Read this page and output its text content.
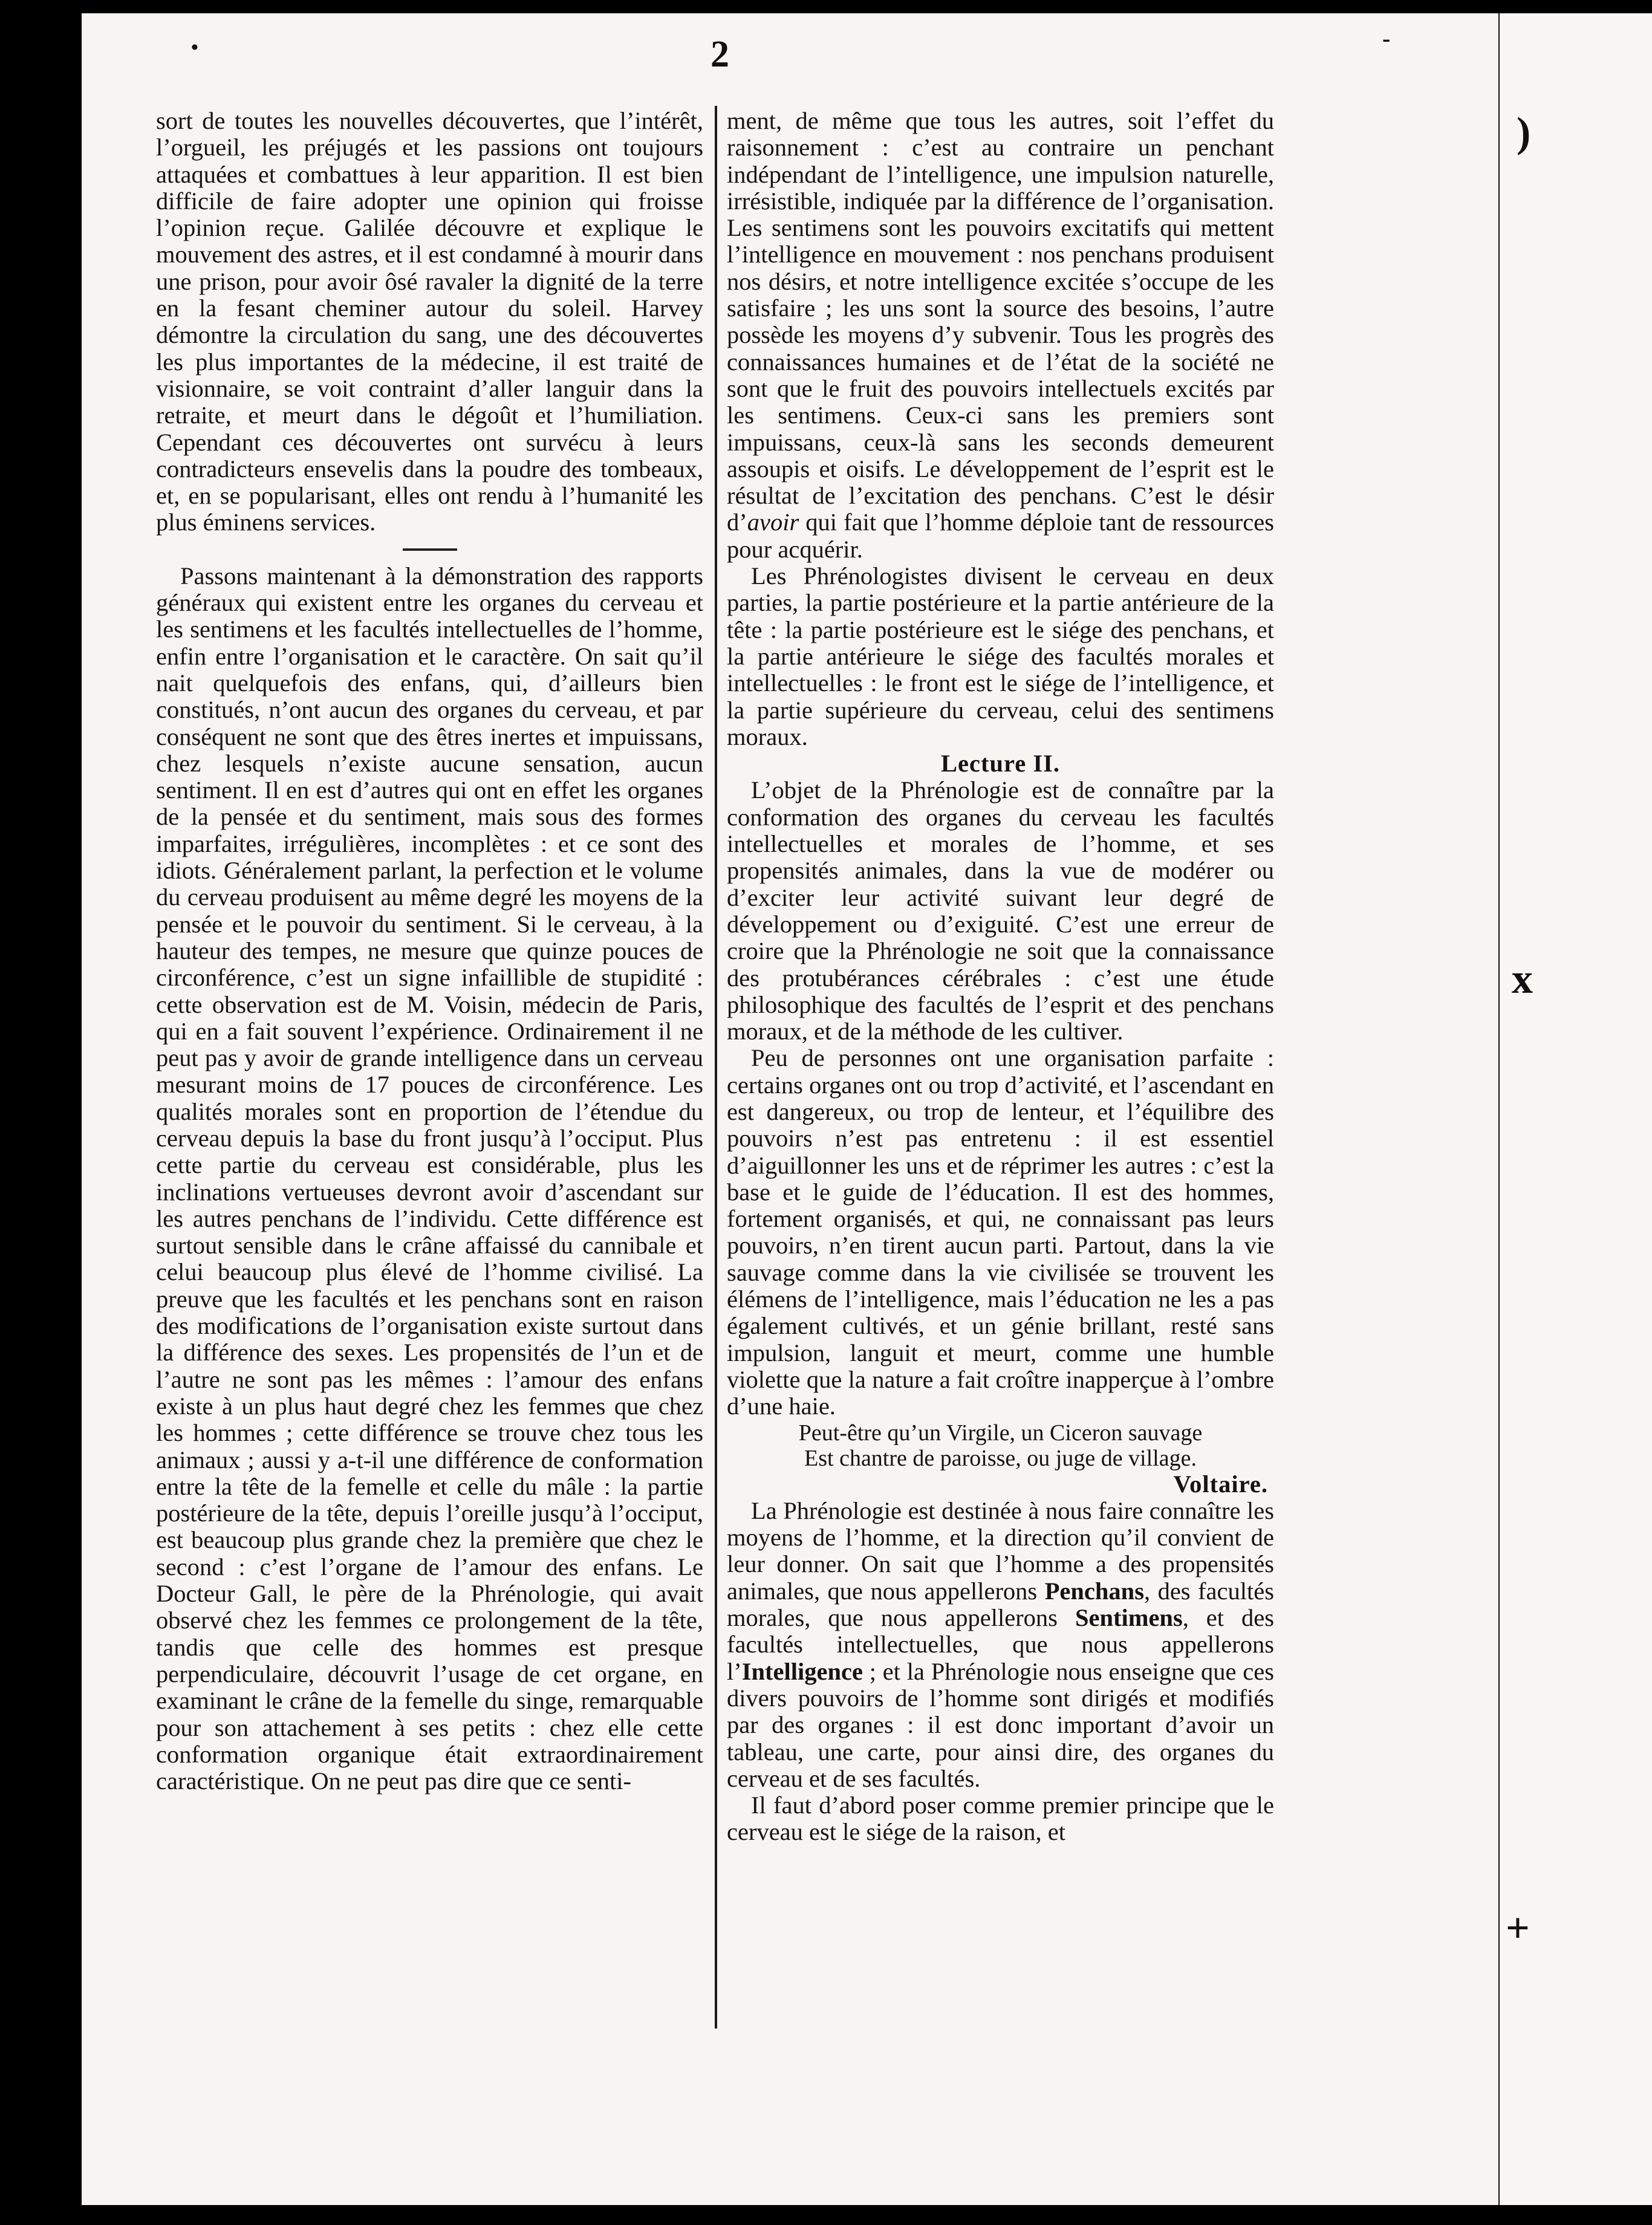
2

sort de toutes les nouvelles découvertes, que l’intérêt, l’orgueil, les préjugés et les passions ont toujours attaquées et combattues à leur apparition. Il est bien difficile de faire adopter une opinion qui froisse l’opinion reçue. Galilée découvre et explique le mouvement des astres, et il est condamné à mourir dans une prison, pour avoir ôsé ravaler la dignité de la terre en la fesant cheminer autour du soleil. Harvey démontre la circulation du sang, une des découvertes les plus importantes de la médecine, il est traité de visionnaire, se voit contraint d’aller languir dans la retraite, et meurt dans le dégoût et l’humiliation. Cependant ces découvertes ont survécu à leurs contradicteurs ensevelis dans la poudre des tombeaux, et, en se popularisant, elles ont rendu à l’humanité les plus éminens services.

Passons maintenant à la démonstration des rapports généraux qui existent entre les organes du cerveau et les sentimens et les facultés intellectuelles de l’homme, enfin entre l’organisation et le caractère. On sait qu’il nait quelquefois des enfans, qui, d’ailleurs bien constitués, n’ont aucun des organes du cerveau, et par conséquent ne sont que des êtres inertes et impuissans, chez lesquels n’existe aucune sensation, aucun sentiment. Il en est d’autres qui ont en effet les organes de la pensée et du sentiment, mais sous des formes imparfaites, irrégulières, incomplètes : et ce sont des idiots. Généralement parlant, la perfection et le volume du cerveau produisent au même degré les moyens de la pensée et le pouvoir du sentiment. Si le cerveau, à la hauteur des tempes, ne mesure que quinze pouces de circonférence, c’est un signe infaillible de stupidité : cette observation est de M. Voisin, médecin de Paris, qui en a fait souvent l’expérience. Ordinairement il ne peut pas y avoir de grande intelligence dans un cerveau mesurant moins de 17 pouces de circonférence. Les qualités morales sont en proportion de l’étendue du cerveau depuis la base du front jusqu’à l’occiput. Plus cette partie du cerveau est considérable, plus les inclinations vertueuses devront avoir d’ascendant sur les autres penchans de l’individu. Cette différence est surtout sensible dans le crâne affaissé du cannibale et celui beaucoup plus élevé de l’homme civilisé. La preuve que les facultés et les penchans sont en raison des modifications de l’organisation existe surtout dans la différence des sexes. Les propensités de l’un et de l’autre ne sont pas les mêmes : l’amour des enfans existe à un plus haut degré chez les femmes que chez les hommes ; cette différence se trouve chez tous les animaux ; aussi y a-t-il une différence de conformation entre la tête de la femelle et celle du mâle : la partie postérieure de la tête, depuis l’oreille jusqu’à l’occiput, est beaucoup plus grande chez la première que chez le second : c’est l’organe de l’amour des enfans. Le Docteur Gall, le père de la Phrénologie, qui avait observé chez les femmes ce prolongement de la tête, tandis que celle des hommes est presque perpendiculaire, découvrit l’usage de cet organe, en examinant le crâne de la femelle du singe, remarquable pour son attachement à ses petits : chez elle cette conformation organique était extraordinairement caractéristique. On ne peut pas dire que ce senti-

ment, de même que tous les autres, soit l’effet du raisonnement : c’est au contraire un penchant indépendant de l’intelligence, une impulsion naturelle, irrésistible, indiquée par la différence de l’organisation. Les sentimens sont les pouvoirs excitatifs qui mettent l’intelligence en mouvement : nos penchans produisent nos désirs, et notre intelligence excitée s’occupe de les satisfaire ; les uns sont la source des besoins, l’autre possède les moyens d’y subvenir. Tous les progrès des connaissances humaines et de l’état de la société ne sont que le fruit des pouvoirs intellectuels excités par les sentimens. Ceux-ci sans les premiers sont impuissans, ceux-là sans les seconds demeurent assoupis et oisifs. Le développement de l’esprit est le résultat de l’excitation des penchans. C’est le désir d’avoir qui fait que l’homme déploie tant de ressources pour acquérir.

Les Phrénologistes divisent le cerveau en deux parties, la partie postérieure et la partie antérieure de la tête : la partie postérieure est le siége des penchans, et la partie antérieure le siége des facultés morales et intellectuelles : le front est le siége de l’intelligence, et la partie supérieure du cerveau, celui des sentimens moraux.

Lecture II.

L’objet de la Phrénologie est de connaître par la conformation des organes du cerveau les facultés intellectuelles et morales de l’homme, et ses propensités animales, dans la vue de modérer ou d’exciter leur activité suivant leur degré de développement ou d’exiguité. C’est une erreur de croire que la Phrénologie ne soit que la connaissance des protubérances cérébrales : c’est une étude philosophique des facultés de l’esprit et des penchans moraux, et de la méthode de les cultiver.

Peu de personnes ont une organisation parfaite : certains organes ont ou trop d’activité, et l’ascendant en est dangereux, ou trop de lenteur, et l’équilibre des pouvoirs n’est pas entretenu : il est essentiel d’aiguillonner les uns et de réprimer les autres : c’est la base et le guide de l’éducation. Il est des hommes, fortement organisés, et qui, ne connaissant pas leurs pouvoirs, n’en tirent aucun parti. Partout, dans la vie sauvage comme dans la vie civilisée se trouvent les élémens de l’intelligence, mais l’éducation ne les a pas également cultivés, et un génie brillant, resté sans impulsion, languit et meurt, comme une humble violette que la nature a fait croître inapperçue à l’ombre d’une haie.

Peut-être qu’un Virgile, un Ciceron sauvage

Est chantre de paroisse, ou juge de village.

Voltaire.

La Phrénologie est destinée à nous faire connaître les moyens de l’homme, et la direction qu’il convient de leur donner. On sait que l’homme a des propensités animales, que nous appellerons Penchans, des facultés morales, que nous appellerons Sentimens, et des facultés intellectuelles, que nous appellerons l’Intelligence ; et la Phrénologie nous enseigne que ces divers pouvoirs de l’homme sont dirigés et modifiés par des organes : il est donc important d’avoir un tableau, une carte, pour ainsi dire, des organes du cerveau et de ses facultés.

Il faut d’abord poser comme premier principe que le cerveau est le siége de la raison, et

)
x
+
-
•
